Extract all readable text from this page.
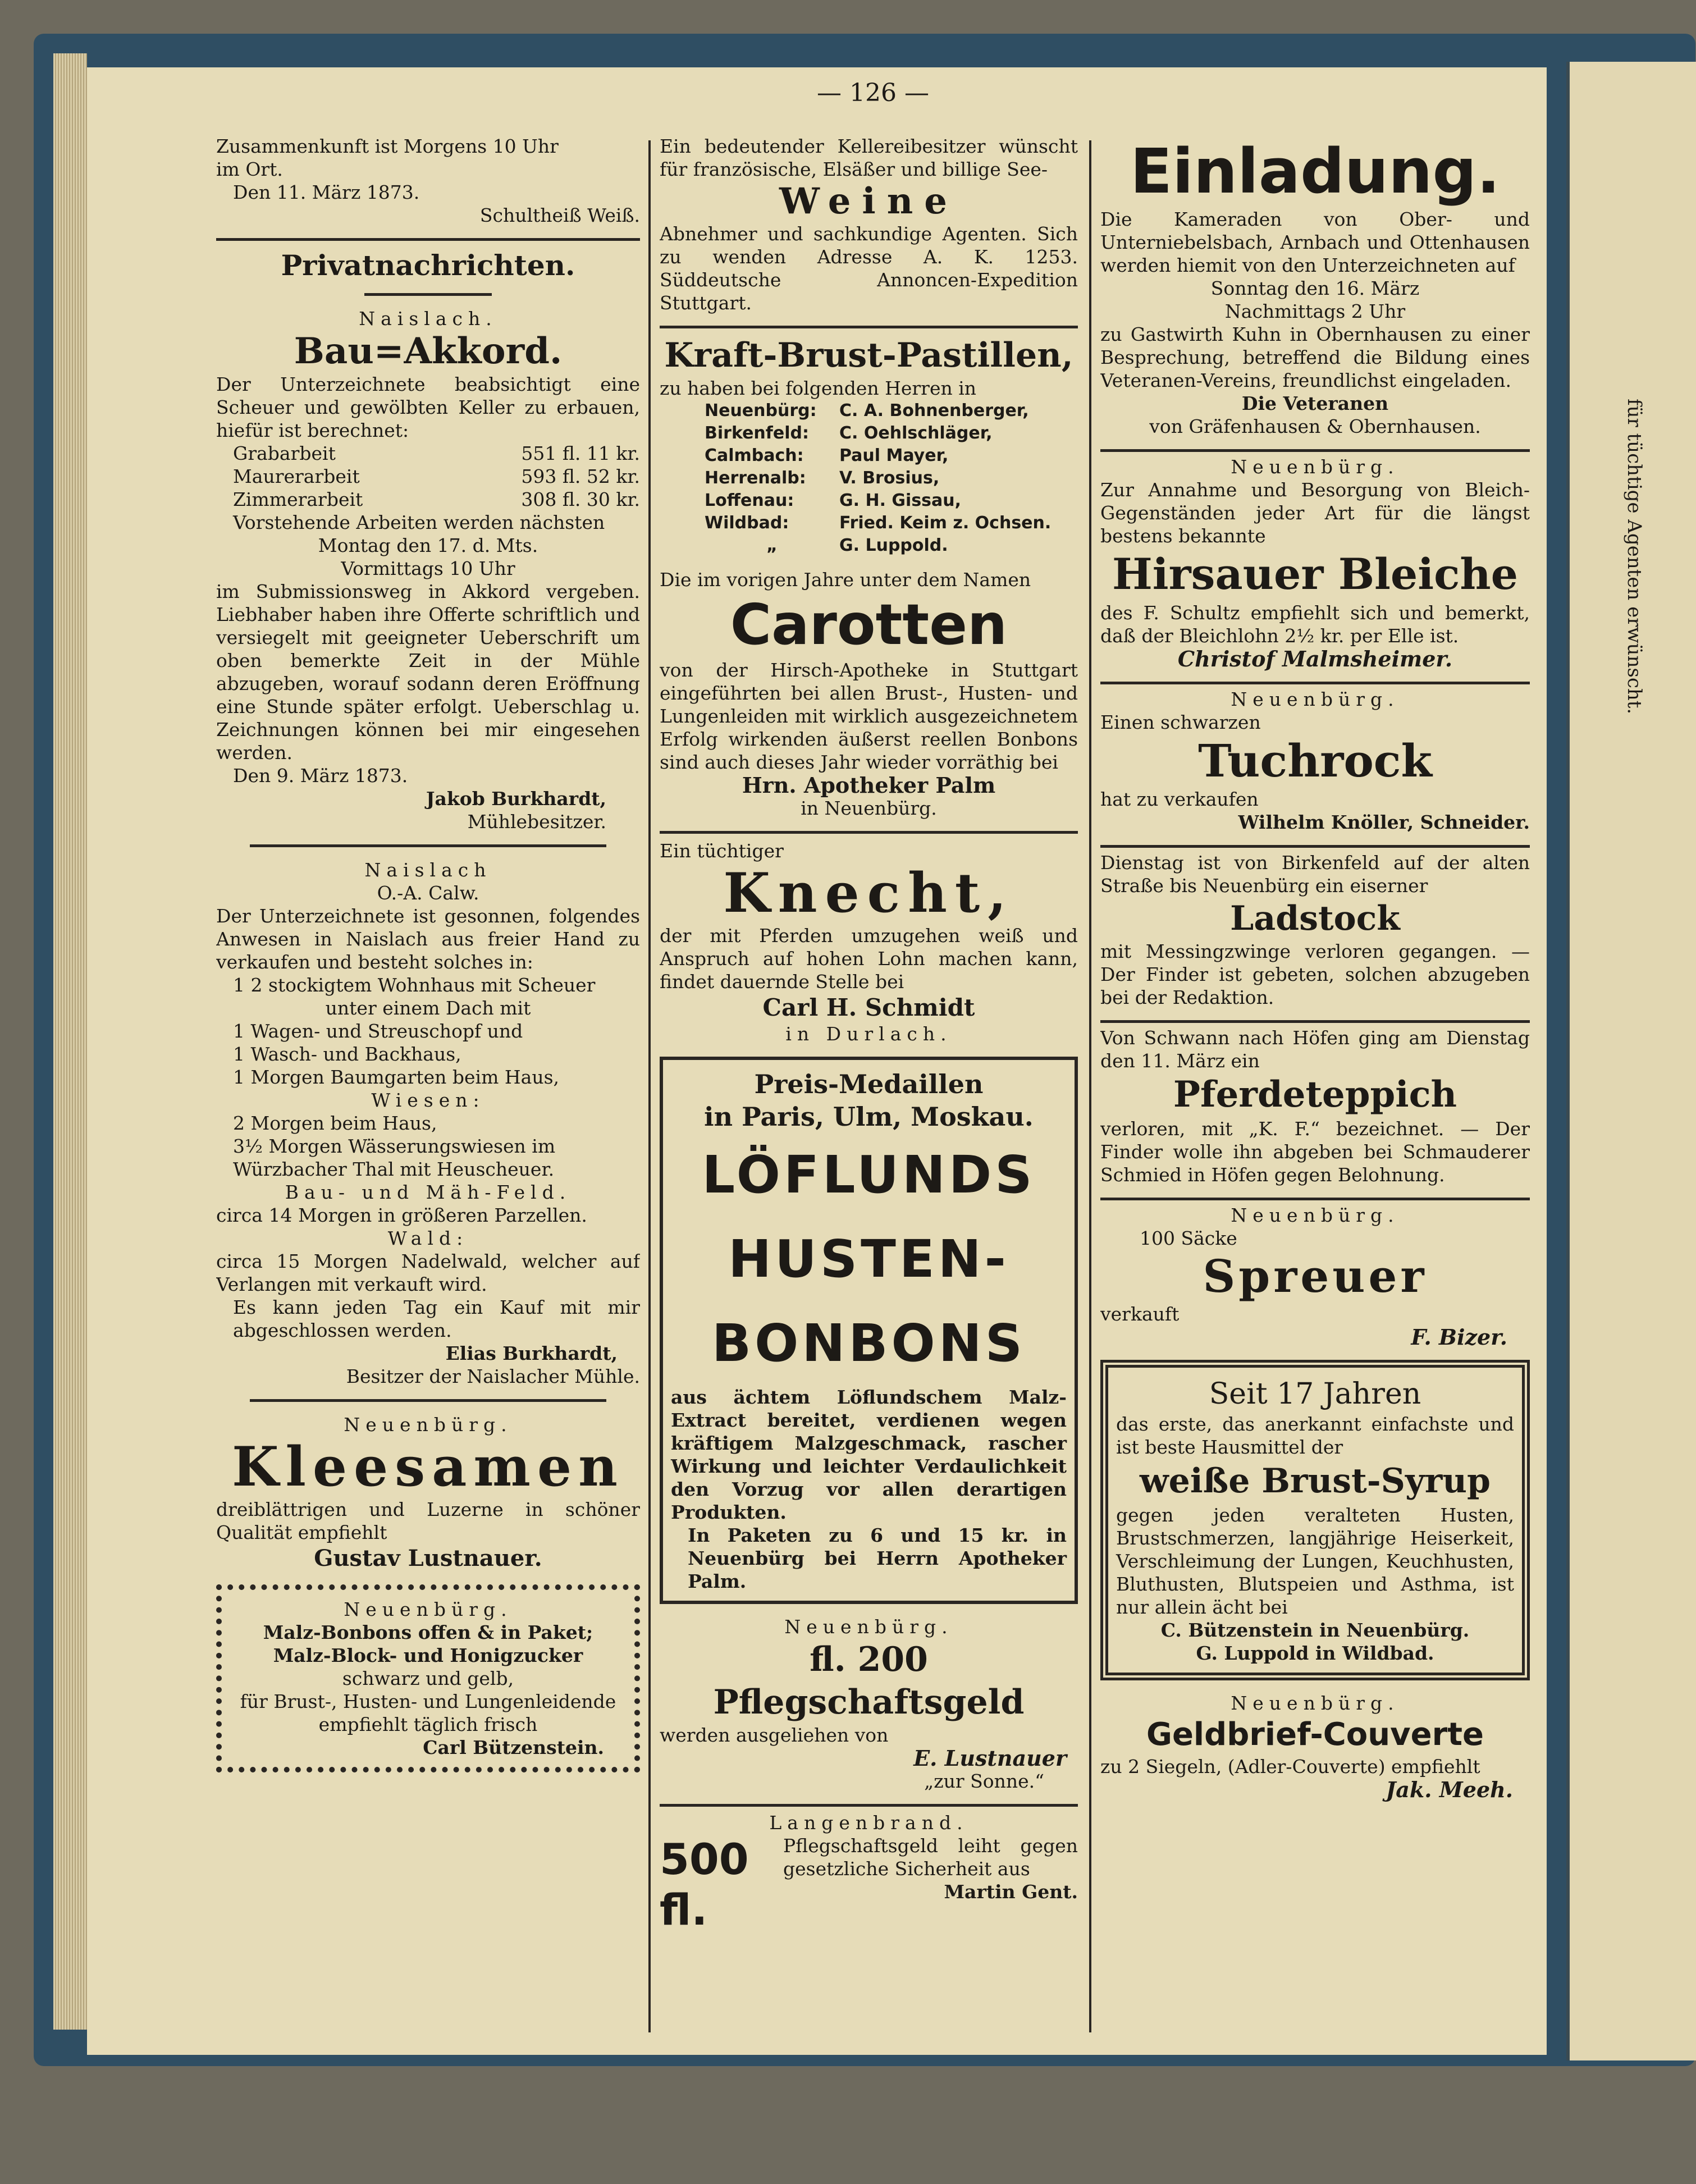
für tüchtige Agenten erwünscht.
— 126 —
Zusammenkunft ist Morgens 10 Uhr
im Ort.
Den 11. März 1873.
Schultheiß Weiß.
Privatnachrichten.
Naislach.
Bau=Akkord.
Der Unterzeichnete beabsichtigt eine Scheuer und gewölbten Keller zu erbauen, hiefür ist berechnet:
Grabarbeit	551 fl. 11 kr.
Maurerarbeit	593 fl. 52 kr.
Zimmerarbeit	308 fl. 30 kr.
Vorstehende Arbeiten werden nächsten
Montag den 17. d. Mts.
Vormittags 10 Uhr
im Submissionsweg in Akkord vergeben. Liebhaber haben ihre Offerte schriftlich und versiegelt mit geeigneter Ueberschrift um oben bemerkte Zeit in der Mühle abzugeben, worauf sodann deren Eröffnung eine Stunde später erfolgt. Ueberschlag u. Zeichnungen können bei mir eingesehen werden.
Den 9. März 1873.
Jakob Burkhardt,
Mühlebesitzer.
Naislach
O.-A. Calw.
Der Unterzeichnete ist gesonnen, folgendes Anwesen in Naislach aus freier Hand zu verkaufen und besteht solches in:
1 2 stockigtem Wohnhaus mit Scheuer
unter einem Dach mit
1 Wagen- und Streuschopf und
1 Wasch- und Backhaus,
1 Morgen Baumgarten beim Haus,
Wiesen:
2 Morgen beim Haus,
3½ Morgen Wässerungswiesen im Würzbacher Thal mit Heuscheuer.
Bau- und Mäh-Feld.
circa 14 Morgen in größeren Parzellen.
Wald:
circa 15 Morgen Nadelwald, welcher auf Verlangen mit verkauft wird.
Es kann jeden Tag ein Kauf mit mir abgeschlossen werden.
Elias Burkhardt,
Besitzer der Naislacher Mühle.
Neuenbürg.
Kleesamen
dreiblättrigen und Luzerne in schöner Qualität empfiehlt
Gustav Lustnauer.
Neuenbürg.
Malz-Bonbons offen & in Paket;
Malz-Block- und Honigzucker
schwarz und gelb,
für Brust-, Husten- und Lungenleidende empfiehlt täglich frisch
Carl Bützenstein.
Ein bedeutender Kellereibesitzer wünscht für französische, Elsäßer und billige See-
Weine
Abnehmer und sachkundige Agenten. Sich zu wenden Adresse A. K. 1253. Süddeutsche Annoncen-Expedition Stuttgart.
Kraft-Brust-Pastillen,
zu haben bei folgenden Herren in
Neuenbürg:	C. A. Bohnenberger,
Birkenfeld:	C. Oehlschläger,
Calmbach:	Paul Mayer,
Herrenalb:	V. Brosius,
Loffenau:	G. H. Gissau,
Wildbad:	Fried. Keim z. Ochsen.
„	G. Luppold.
Die im vorigen Jahre unter dem Namen
Carotten
von der Hirsch-Apotheke in Stuttgart eingeführten bei allen Brust-, Husten- und Lungenleiden mit wirklich ausgezeichnetem Erfolg wirkenden äußerst reellen Bonbons sind auch dieses Jahr wieder vorräthig bei
Hrn. Apotheker Palm
in Neuenbürg.
Ein tüchtiger
Knecht,
der mit Pferden umzugehen weiß und Anspruch auf hohen Lohn machen kann, findet dauernde Stelle bei
Carl H. Schmidt
in Durlach.
Preis-Medaillen
in Paris, Ulm, Moskau.
LÖFLUNDS
HUSTEN-
BONBONS
aus ächtem Löflundschem Malz-Extract bereitet, verdienen wegen kräftigem Malzgeschmack, rascher Wirkung und leichter Verdaulichkeit den Vorzug vor allen derartigen Produkten.
In Paketen zu 6 und 15 kr. in Neuenbürg bei Herrn Apotheker Palm.
Neuenbürg.
fl. 200 Pflegschaftsgeld
werden ausgeliehen von
E. Lustnauer
„zur Sonne.“
Langenbrand.
500 fl.
Pflegschaftsgeld leiht gegen gesetzliche Sicherheit aus
Martin Gent.
Einladung.
Die Kameraden von Ober- und Unterniebelsbach, Arnbach und Ottenhausen werden hiemit von den Unterzeichneten auf
Sonntag den 16. März
Nachmittags 2 Uhr
zu Gastwirth Kuhn in Obernhausen zu einer Besprechung, betreffend die Bildung eines Veteranen-Vereins, freundlichst eingeladen.
Die Veteranen
von Gräfenhausen & Obernhausen.
Neuenbürg.
Zur Annahme und Besorgung von Bleich-Gegenständen jeder Art für die längst bestens bekannte
Hirsauer Bleiche
des F. Schultz empfiehlt sich und bemerkt, daß der Bleichlohn 2½ kr. per Elle ist.
Christof Malmsheimer.
Neuenbürg.
Einen schwarzen
Tuchrock
hat zu verkaufen
Wilhelm Knöller, Schneider.
Dienstag ist von Birkenfeld auf der alten Straße bis Neuenbürg ein eiserner
Ladstock
mit Messingzwinge verloren gegangen. — Der Finder ist gebeten, solchen abzugeben bei der Redaktion.
Von Schwann nach Höfen ging am Dienstag den 11. März ein
Pferdeteppich
verloren, mit „K. F.“ bezeichnet. — Der Finder wolle ihn abgeben bei Schmauderer Schmied in Höfen gegen Belohnung.
Neuenbürg.
100 Säcke
Spreuer
verkauft
F. Bizer.
Seit 17 Jahren
das erste, das anerkannt einfachste und ist beste Hausmittel der
weiße Brust-Syrup
gegen jeden veralteten Husten, Brustschmerzen, langjährige Heiserkeit, Verschleimung der Lungen, Keuchhusten, Bluthusten, Blutspeien und Asthma, ist nur allein ächt bei
C. Bützenstein in Neuenbürg.
G. Luppold in Wildbad.
Neuenbürg.
Geldbrief-Couverte
zu 2 Siegeln, (Adler-Couverte) empfiehlt
Jak. Meeh.
